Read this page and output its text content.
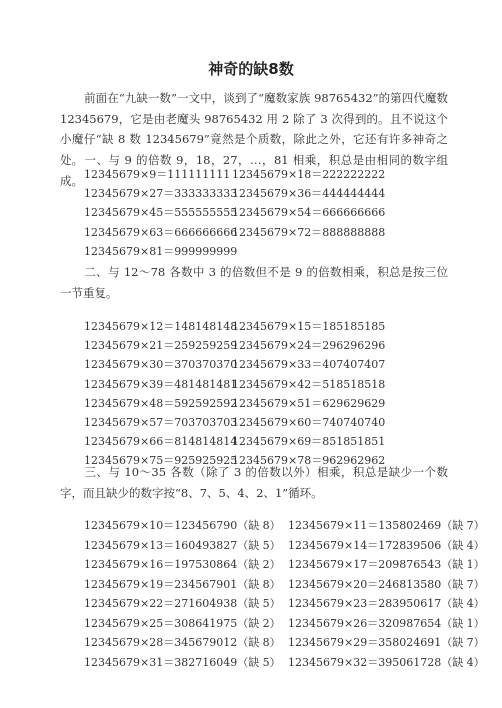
神奇的缺8数
前面在“九缺一数”一文中，谈到了“魔数家族 98765432”的第四代魔数 12345679，它是由老魔头 98765432 用 2 除了 3 次得到的。且不说这个小魔仔“缺 8 数 12345679”竟然是个质数，除此之外，它还有许多神奇之处。 一、与 9 的倍数 9，18，27，…，81 相乘，积总是由相同的数字组成。 12345679×9＝111111111 12345679×18＝222222222
12345679×27＝333333333
12345679×36＝444444444
12345679×45＝555555555
12345679×54＝666666666
12345679×63＝666666666
12345679×72＝888888888
12345679×81＝999999999
二、与 12～78 各数中 3 的倍数但不是 9 的倍数相乘，积总是按三位一节重复。
12345679×12＝148148148
12345679×15＝185185185
12345679×21＝259259259
12345679×24＝296296296
12345679×30＝370370370
12345679×33＝407407407
12345679×39＝481481481
12345679×42＝518518518
12345679×48＝592592592
12345679×51＝629629629
12345679×57＝703703703
12345679×60＝740740740
12345679×66＝814814814
12345679×69＝851851851
12345679×75＝925925925
12345679×78＝962962962
三、与 10～35 各数（除了 3 的倍数以外）相乘，积总是缺少一个数字，而且缺少的数字按“8、7、5、4、2、1”循环。
12345679×10＝123456790（缺 8） 12345679×11＝135802469（缺 7）
12345679×13＝160493827（缺 5） 12345679×14＝172839506（缺 4）
12345679×16＝197530864（缺 2） 12345679×17＝209876543（缺 1）
12345679×19＝234567901（缺 8） 12345679×20＝246813580（缺 7）
12345679×22＝271604938（缺 5） 12345679×23＝283950617（缺 4）
12345679×25＝308641975（缺 2） 12345679×26＝320987654（缺 1）
12345679×28＝345679012（缺 8） 12345679×29＝358024691（缺 7）
12345679×31＝382716049（缺 5） 12345679×32＝395061728（缺 4）
